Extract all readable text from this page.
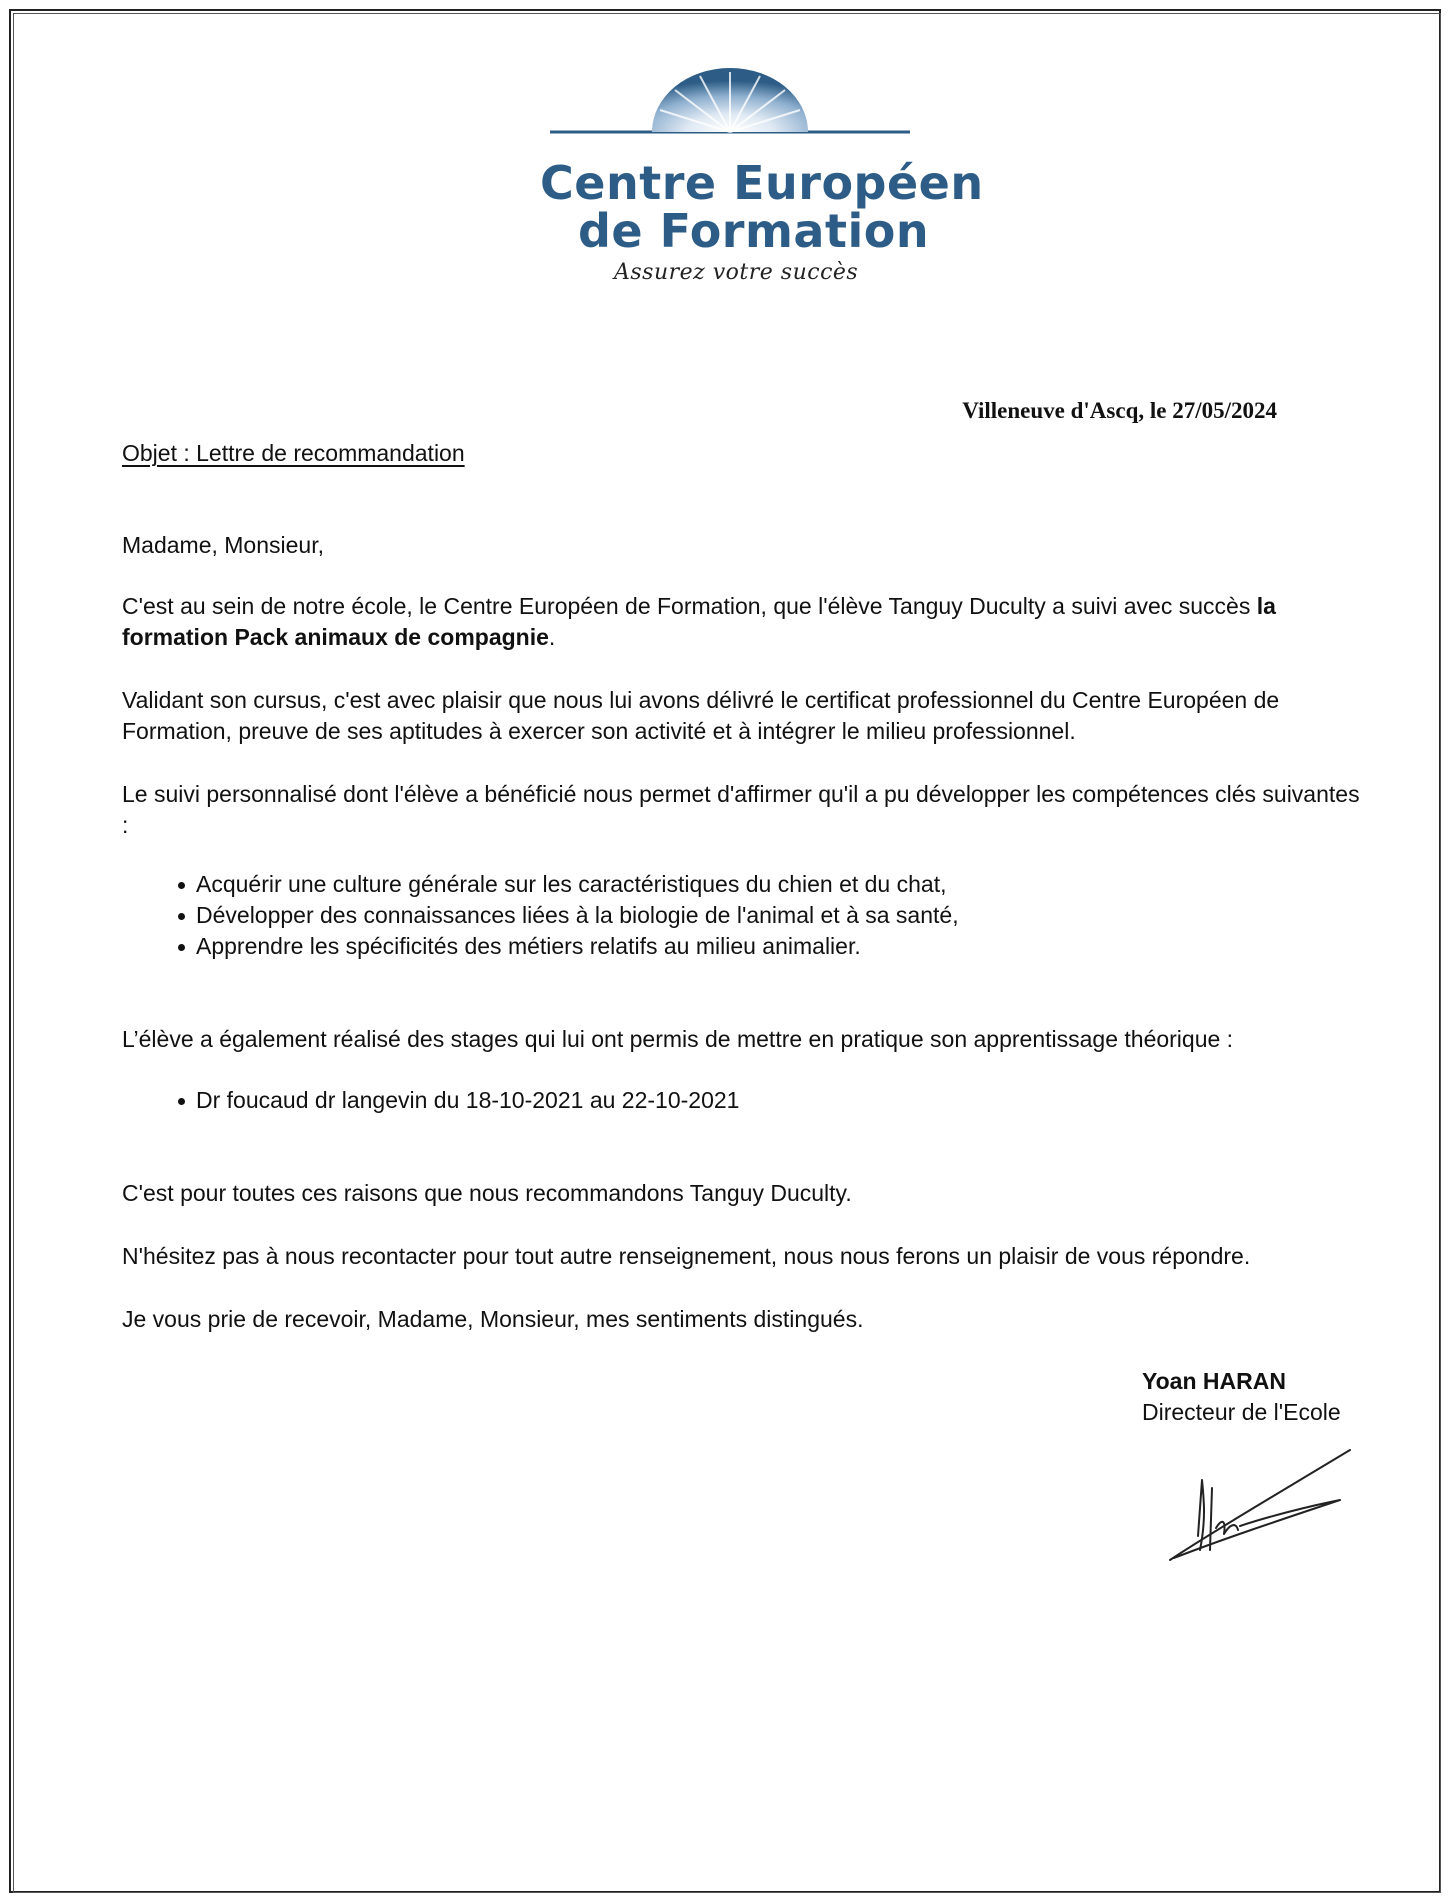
Centre Européen
de Formation
Assurez votre succès
Villeneuve d'Ascq, le 27/05/2024
Objet : Lettre de recommandation

Madame, Monsieur,

C'est au sein de notre école, le Centre Européen de Formation, que l'élève Tanguy Duculty a suivi avec succès la formation Pack animaux de compagnie.

Validant son cursus, c'est avec plaisir que nous lui avons délivré le certificat professionnel du Centre Européen de Formation, preuve de ses aptitudes à exercer son activité et à intégrer le milieu professionnel.

Le suivi personnalisé dont l'élève a bénéficié nous permet d'affirmer qu'il a pu développer les compétences clés suivantes :

Acquérir une culture générale sur les caractéristiques du chien et du chat,
Développer des connaissances liées à la biologie de l'animal et à sa santé,
Apprendre les spécificités des métiers relatifs au milieu animalier.

L’élève a également réalisé des stages qui lui ont permis de mettre en pratique son apprentissage théorique :

Dr foucaud dr langevin du 18-10-2021 au 22-10-2021

C'est pour toutes ces raisons que nous recommandons Tanguy Duculty.

N'hésitez pas à nous recontacter pour tout autre renseignement, nous nous ferons un plaisir de vous répondre.

Je vous prie de recevoir, Madame, Monsieur, mes sentiments distingués.

Yoan HARAN
Directeur de l'Ecole
